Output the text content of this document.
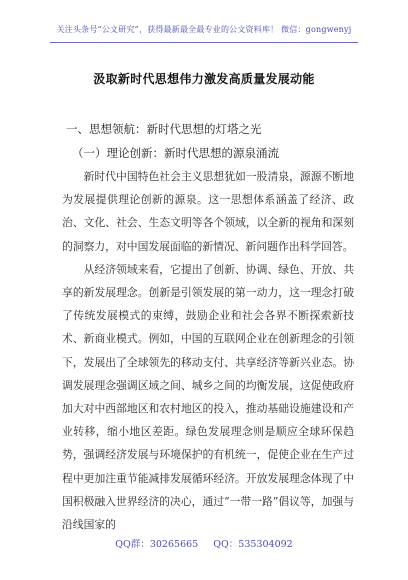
关注头条号“公文研究”，获得最新最全最专业的公文资料库！ 微信：gongwenyj
汲取新时代思想伟力激发高质量发展动能
一、思想领航：新时代思想的灯塔之光
（一）理论创新：新时代思想的源泉涌流

新时代中国特色社会主义思想犹如一股清泉，源源不断地为发展提供理论创新的源泉。这一思想体系涵盖了经济、政治、文化、社会、生态文明等各个领域，以全新的视角和深刻的洞察力，对中国发展面临的新情况、新问题作出科学回答。

从经济领域来看，它提出了创新、协调、绿色、开放、共享的新发展理念。创新是引领发展的第一动力，这一理念打破了传统发展模式的束缚，鼓励企业和社会各界不断探索新技术、新商业模式。例如，中国的互联网企业在创新理念的引领下，发展出了全球领先的移动支付、共享经济等新兴业态。协调发展理念强调区域之间、城乡之间的均衡发展，这促使政府加大对中西部地区和农村地区的投入，推动基础设施建设和产业转移，缩小地区差距。绿色发展理念则是顺应全球环保趋势，强调经济发展与环境保护的有机统一，促使企业在生产过程中更加注重节能减排发展循环经济。开放发展理念体现了中国积极融入世界经济的决心，通过“一带一路”倡议等，加强与沿线国家的

QQ群：30265665 QQ：535304092
